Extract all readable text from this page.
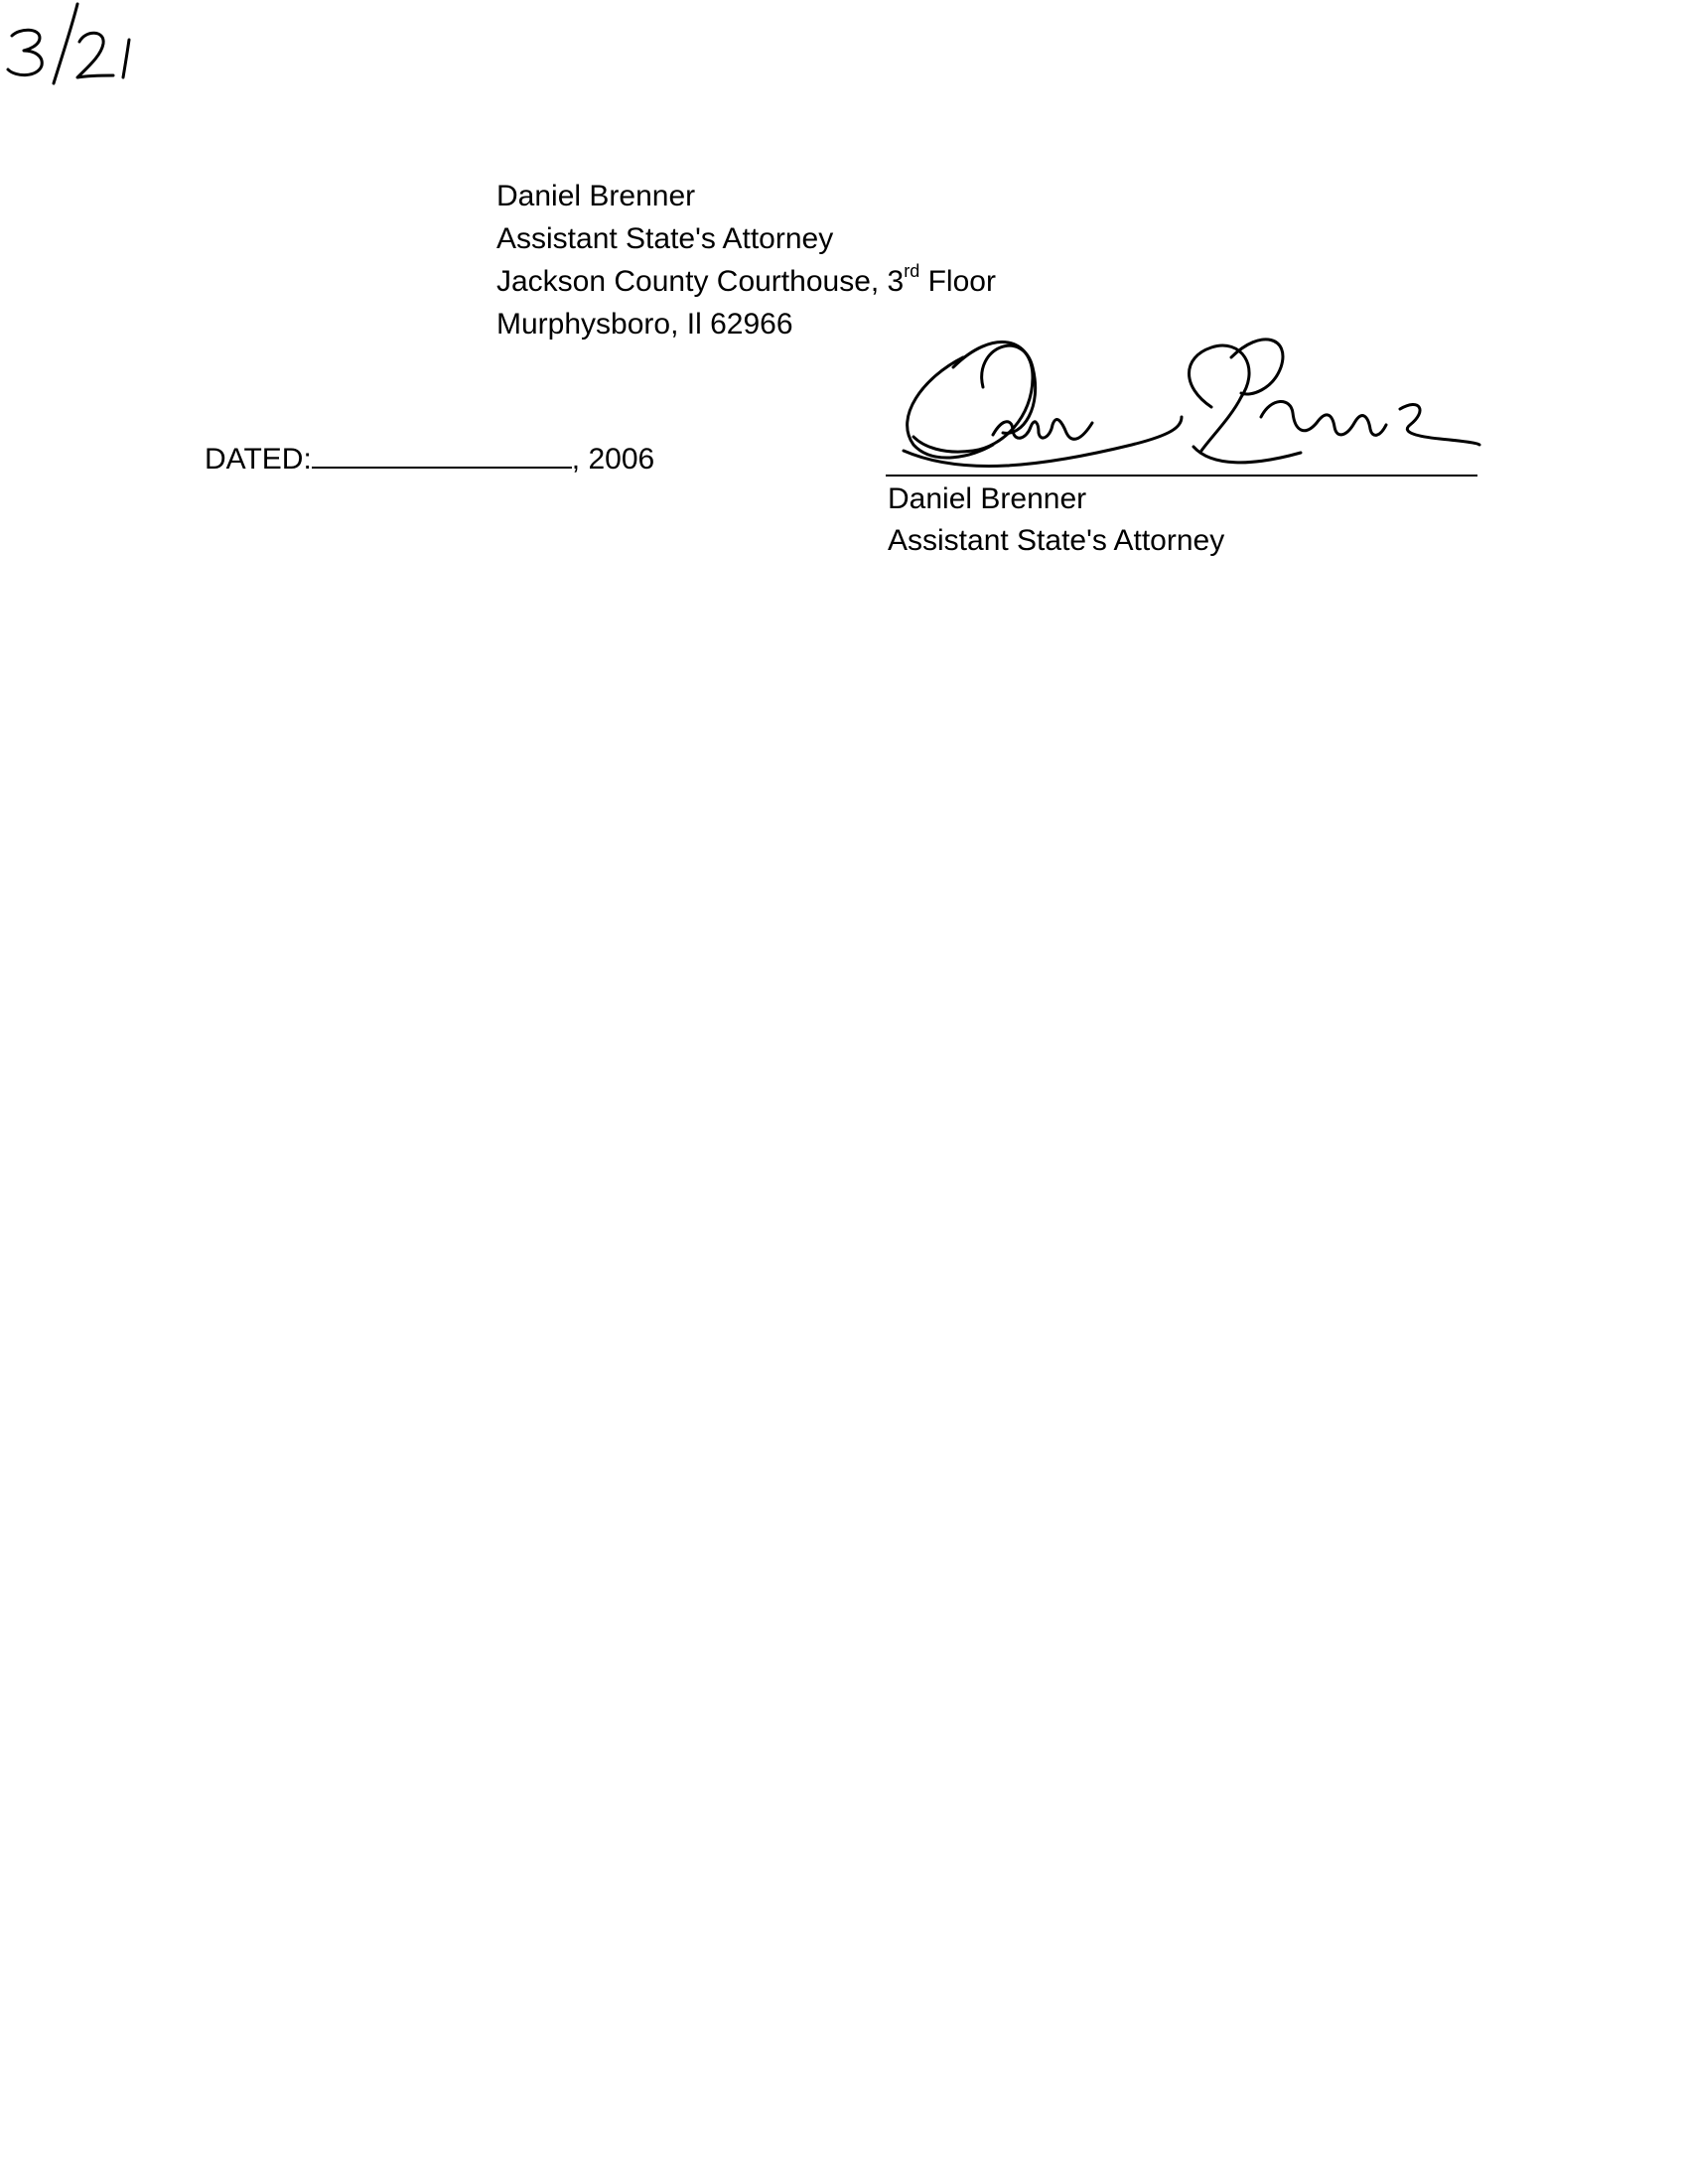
Daniel Brenner
Assistant State's Attorney
Jackson County Courthouse, 3rd Floor
Murphysboro, Il 62966
DATED:	, 2006
Daniel Brenner
Assistant State's Attorney
